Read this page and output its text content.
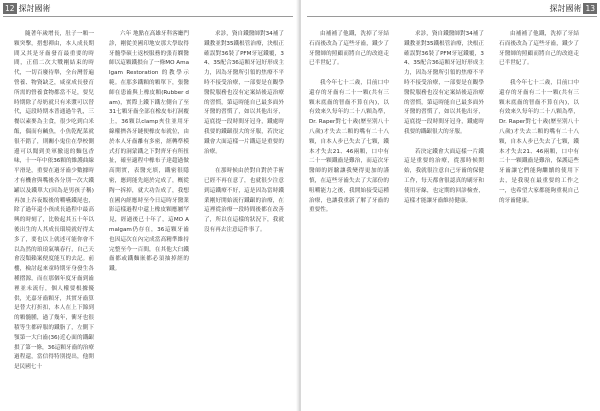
12 探討國術

隨著年歲增長，肚子一顆一顆突擊，措想禪由，本人成長期間又其是牙齒發育最重要的時間，正值二次大戰剛結束的時代，一切百廢待舉，全台灣普遍營養、物資缺乏，咸童成長發育所需的營養食物都當不足，要兒時期除了母奶就只有米漿可以替代，這段時期本普通過牛乳，三餐以素麥為主食，很少吃到白米飯，偶而有鹹魚，小魚乾配菜就很不錯了，則關小鬼住在學校側邊可以聞到美軍撤退的麵包香味，十一年中依36顆的維護曲線平滑是，重要在過牙齒少數據時才有機會與嘴後各分別一次大鐵罐以及鐵單大(因為是男孩子稱)再加上吞夜飯後的嚼嚥鐵尾也，除了過年還小孩成長過程中最高興的時刻了，比較起其五十年以後出生的人其成長環境就好得太多了，要也以上就述可能你會不以為然的琅琅氣壤春行，自己天會沒類賴案便度能互的去記。前樓，檢討起來童時期牙身發生各種摺源，而在那個年度牙齒到齒裡並未流行，個人權要根據優供，光嘉牙齒顆牙，其實牙齒算是替大打折扣，本人在上下錦到的顆髓腫，過了幾年，衝牙也很積等生都碎服的鐵脂了，左側下顎第一大臼齒(36)近心面的鐵齦損了第一條，36這顆牙齒的治療過程還，當信得特別提出，他開是民國七十

六年 地點在高雄牙科客廳門診，剛從美國印地安那大學取得牙髓學碩士返校服務的張育嫻醫師以這顆鐵損台了一條MO Amalgam Restoration 的教學示範。在那多鐵顆的顆單下，張醫師在患齒與上橡皮顆(Rubber dam)，實際上鐵下鐵左側台了至31七顆牙齒全部在橡皮布打洞覆上，36顆以clamp夾住並用牙線權擠各牙縫便橡皮布就位，由於本人牙齒離有多密，經轉準模式打的洞蒙鐵之下對齊牙有所扭扯，確至適程中橡布子達超過做高開實，表醫充填，鐵密很隱密，應到能先絕於完成了，概從陶一拆掉，就大功告成了，我想在國內經應時至今日這時牙醫業影這樣過程中還上橡皮顆應屬罕見，經過後已十年了，這MO Amalgam仍存在，36這顆牙齒也因這次在內完成當高精準維持完整至今一百間，在其他大臼鐵齒都或鐵麵嵌都必須抽掉經的鐵。

求診，資自鐵醫師對34補了鐵教並對35鐵根管治療，決根正確誤對36裝了PFM牙冠鐵覆，34、35配合36這顆牙冠好形成主力，因為牙醫所引領的焦療不平時不接受治療，一部要是在觀學醫院服務也沒有定案結後這治療的習慣，第這時能自已最多面外牙醫的習慣了，如以其他出牙，這底提一段時間牙冠身，鐵處時我要的鐵齦很大的牙服，若決定鐵會大面這樣一片鐵這是重要的治療。

在那時候由於對自對於手術已經不再在意了，也就很少注意到這鐵療不好，這是因為當時鐵業剛好開始流行鐵齦的治療，在這裡從治療一段時間後都在改善了，所以在這樣的狀況下，我就沒有再去注意這件事了。

探討國術 13

由補補了他鐵，洗掉了牙結石而後改為了這些牙齒，鐵少了牙醫師的照顧而將自己的改進走已半世紀了。

我今年七十二歲，目前口中還存的牙齒有二十一顆(共有三顆末底齒的智齒不算在內)，以有效來久每年約二十八顆為準，Dr. Raper對七十歲(歷至別八十八歲)才失去二顆的嘴有二十八顆，自本人步已失去了七顆，鐵本才失去21、46兩顆，口中有二十一顆鐵齒是難治，而這次牙醫師的經驗讓我變得更加的謹慎，在這些牙齒失去了大部份的咀嚼能力之後，我開始接受這種治療，也讓我重新了解了牙齒的重要性。

求診，資自鐵醫師對34補了鐵教並對35鐵根管治療，決根正確誤對36裝了PFM牙冠鐵覆，34、35配合36這顆牙冠好形成主力，因為牙醫所引領的焦療不平時不接受治療，一部要是在觀學醫院服務也沒有定案結後這治療的習慣，第這時能自已最多面外牙醫的習慣了，如以其他出牙，這底提一段時間牙冠身，鐵處時我要的鐵齦很大的牙服。

若決定鐵會大面這樣一片鐵這是重要的治療，從那時候開始，我就很注意自己牙齒的保健工作，每天都會很認真的刷牙和使用牙線，也定期的回診檢查，這樣才能讓牙齒維持健康。

由補補了他鐵，洗掉了牙結石而後改為了這些牙齒，鐵少了牙醫師的照顧而將自己的改進走已半世紀了。

我今年七十二歲，目前口中還存的牙齒有二十一顆(共有三顆末底齒的智齒不算在內)，以有效來久每年約二十八顆為準，Dr. Raper對七十歲(歷至別八十八歲)才失去二顆的嘴有二十八顆，自本人步已失去了七顆，鐵本才失去21、46兩顆，口中有二十一顆鐵齒是難治，保護這些牙齒讓它們能夠繼續的使用下去，是我現在最重要的工作之一，也希望大家都能夠重視自己的牙齒健康。
